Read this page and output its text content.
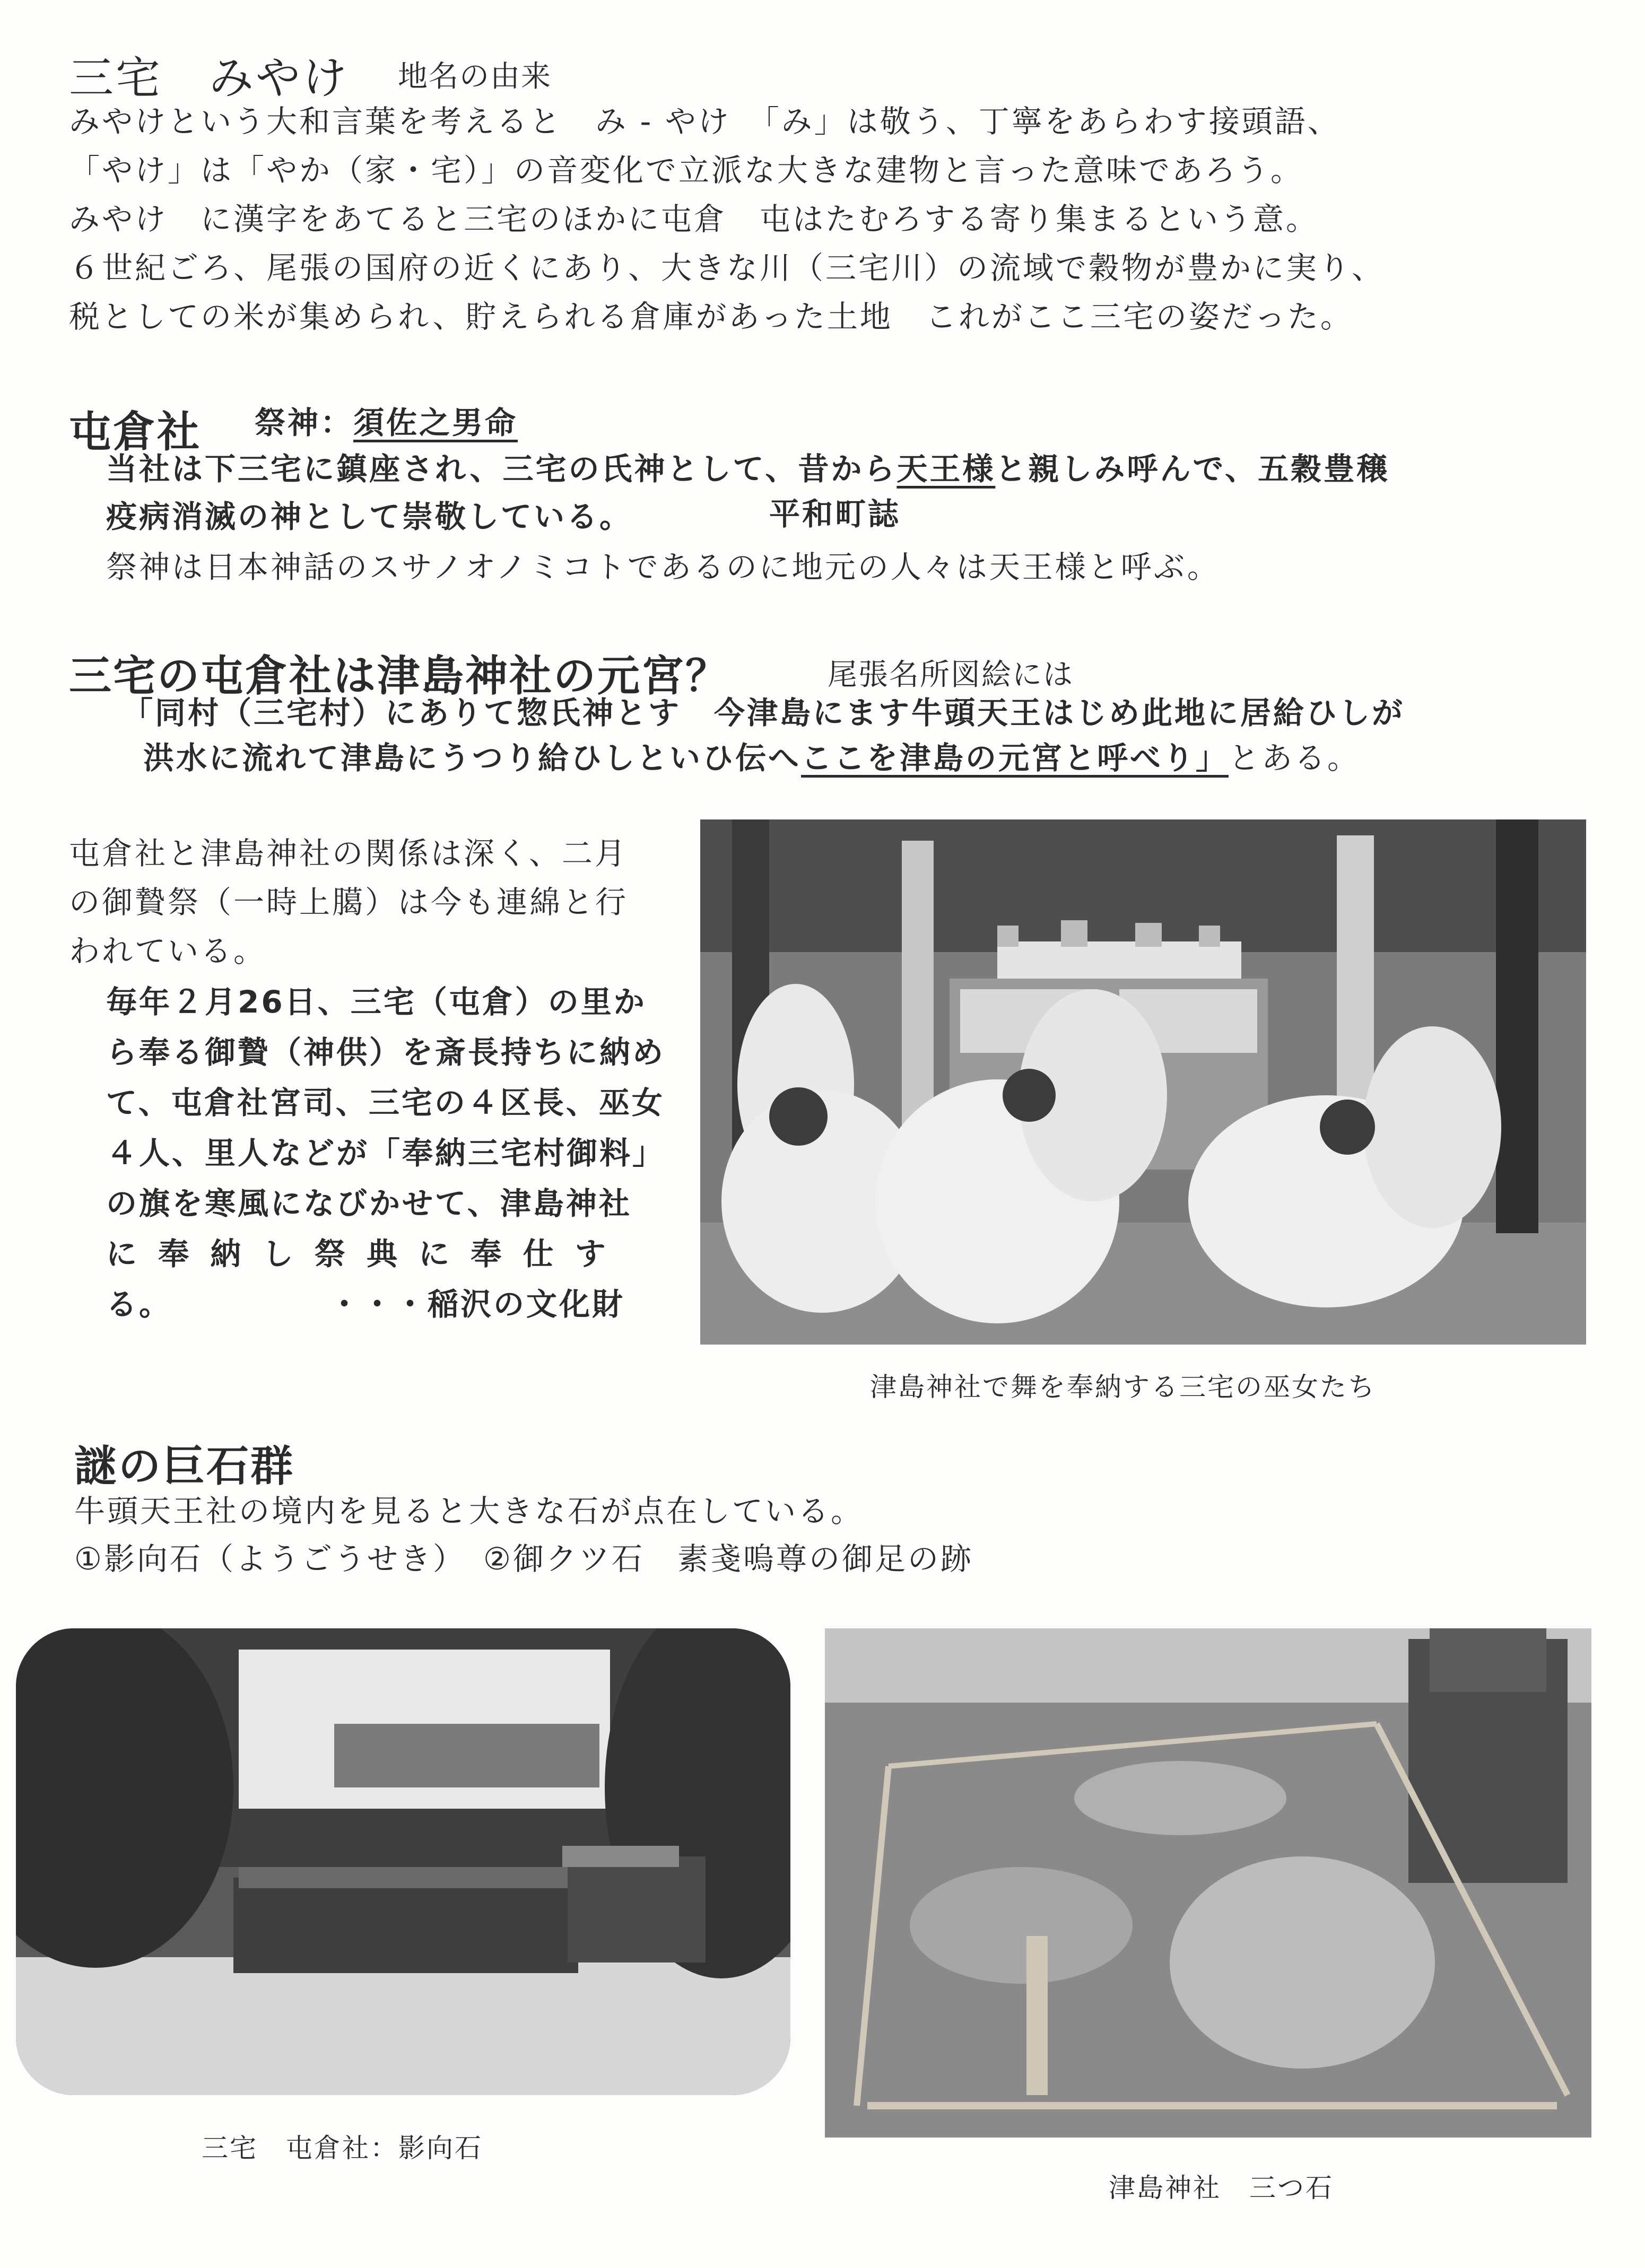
三宅　みやけ 地名の由来
みやけという大和言葉を考えると　み - やけ　「み」は敬う、丁寧をあらわす接頭語、
「やけ」は「やか（家・宅）」の音変化で立派な大きな建物と言った意味であろう。
みやけ　に漢字をあてると三宅のほかに屯倉　屯はたむろする寄り集まるという意。
６世紀ごろ、尾張の国府の近くにあり、大きな川（三宅川）の流域で穀物が豊かに実り、
税としての米が集められ、貯えられる倉庫があった土地　これがここ三宅の姿だった。
屯倉社 祭神：須佐之男命
当社は下三宅に鎮座され、三宅の氏神として、昔から天王様と親しみ呼んで、五穀豊穣
疫病消滅の神として崇敬している。	平和町誌
祭神は日本神話のスサノオノミコトであるのに地元の人々は天王様と呼ぶ。
三宅の屯倉社は津島神社の元宮？	尾張名所図絵には
「同村（三宅村）にありて惣氏神とす　今津島にます牛頭天王はじめ此地に居給ひしが
洪水に流れて津島にうつり給ひしといひ伝へここを津島の元宮と呼べり」とある。
屯倉社と津島神社の関係は深く、二月
の御贄祭（一時上臈）は今も連綿と行
われている。
毎年２月26日、三宅（屯倉）の里か
ら奉る御贄（神供）を斎長持ちに納め
て、屯倉社宮司、三宅の４区長、巫女
４人、里人などが「奉納三宅村御料」
の旗を寒風になびかせて、津島神社
に 奉 納 し 祭 典 に 奉 仕 す
る。	・・・稲沢の文化財
津島神社で舞を奉納する三宅の巫女たち
謎の巨石群
牛頭天王社の境内を見ると大きな石が点在している。
①影向石（ようごうせき）　②御クツ石　素戔嗚尊の御足の跡
三宅　屯倉社：影向石
津島神社　三つ石
